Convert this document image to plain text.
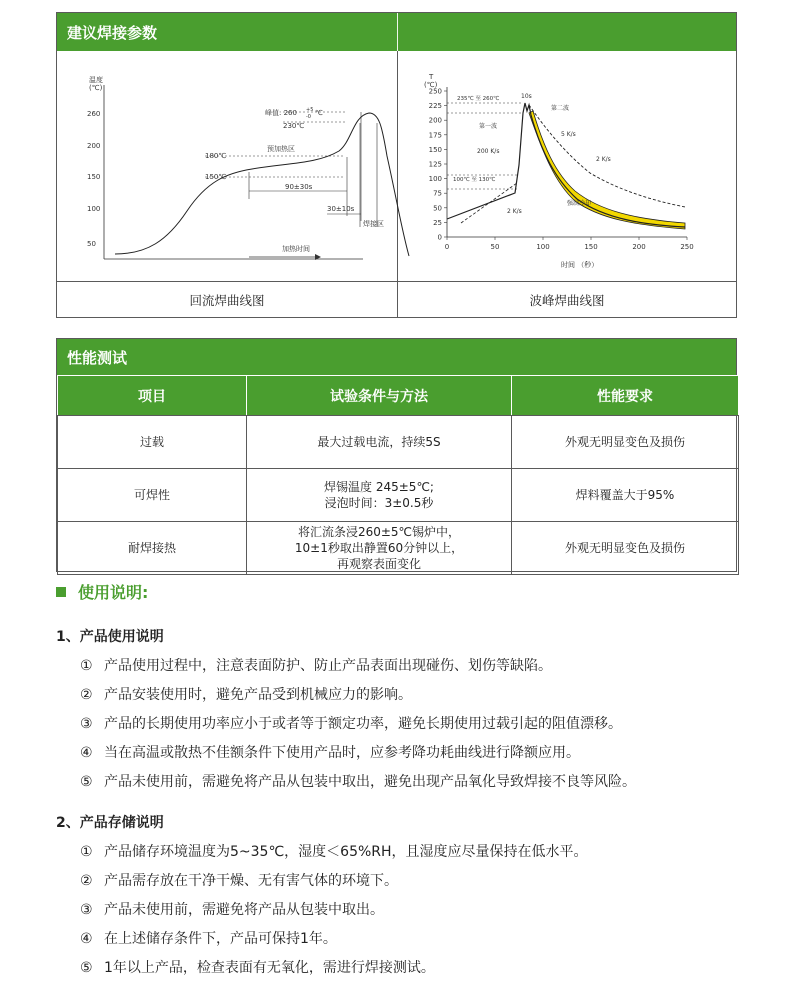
建议焊接参数
温度
(℃)
260
200
150
100
50
峰值: 260 +5
-0 ℃
230℃
预加热区
180℃
150℃
90±30s
30±10s
焊接区
加热时间
T
(℃)
0
25
50
75
100
125
150
175
200
225
250
0	50	100	150	200	250
10s
235℃ 至 260℃
第二波
第一波
5 K/s
200 K/s
2 K/s
100℃ 至 130℃
强制冷却
2 K/s
时间 （秒）
回流焊曲线图	波峰焊曲线图
性能测试
项目	试验条件与方法	性能要求
过载	最大过载电流，持续5S	外观无明显变色及损伤
可焊性	焊锡温度 245±5℃;
浸泡时间：3±0.5秒	焊料覆盖大于95%
耐焊接热	将汇流条浸260±5℃锡炉中，
10±1秒取出静置60分钟以上，
再观察表面变化	外观无明显变色及损伤
使用说明:
1、产品使用说明
① 产品使用过程中，注意表面防护、防止产品表面出现碰伤、划伤等缺陷。
② 产品安装使用时，避免产品受到机械应力的影响。
③ 产品的长期使用功率应小于或者等于额定功率，避免长期使用过载引起的阻值漂移。
④ 当在高温或散热不佳额条件下使用产品时，应参考降功耗曲线进行降额应用。
⑤ 产品未使用前，需避免将产品从包装中取出，避免出现产品氧化导致焊接不良等风险。
2、产品存储说明
① 产品储存环境温度为5~35℃，湿度＜65%RH，且湿度应尽量保持在低水平。
② 产品需存放在干净干燥、无有害气体的环境下。
③ 产品未使用前，需避免将产品从包装中取出。
④ 在上述储存条件下，产品可保持1年。
⑤ 1年以上产品，检查表面有无氧化，需进行焊接测试。
